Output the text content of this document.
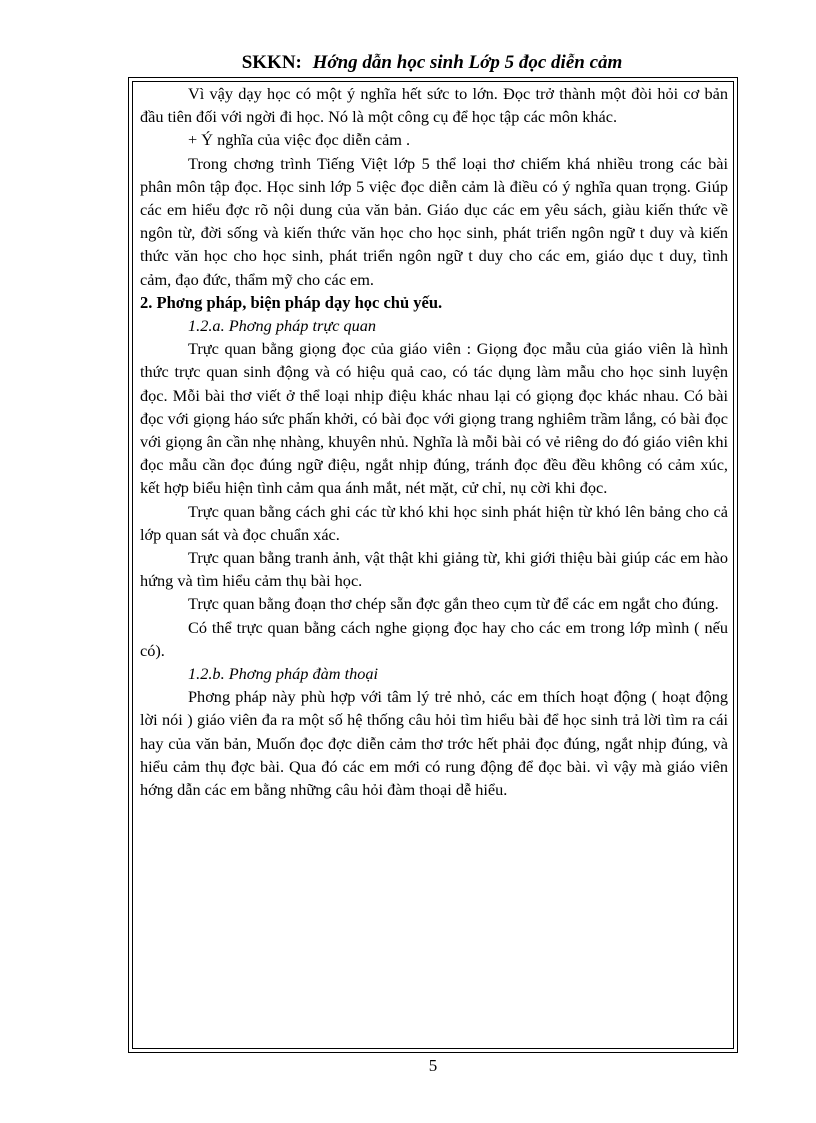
SKKN: Hớng dẫn học sinh Lớp 5 đọc diễn cảm

Vì vậy dạy học có một ý nghĩa hết sức to lớn. Đọc trở thành một đòi hỏi cơ bản đầu tiên đối với ngời đi học. Nó là một công cụ để học tập các môn khác.

+ Ý nghĩa của việc đọc diễn cảm .

Trong chơng trình Tiếng Việt lớp 5 thể loại thơ chiếm khá nhiều trong các bài phân môn tập đọc. Học sinh lớp 5 việc đọc diễn cảm là điều có ý nghĩa quan trọng. Giúp các em hiểu đợc rõ nội dung của văn bản. Giáo dục các em yêu sách, giàu kiến thức về ngôn từ, đời sống và kiến thức văn học cho học sinh, phát triển ngôn ngữ t duy và kiến thức văn học cho học sinh, phát triển ngôn ngữ t duy cho các em, giáo dục t duy, tình cảm, đạo đức, thẩm mỹ cho các em.

2. Phơng pháp, biện pháp dạy học chủ yếu.

1.2.a. Phơng pháp trực quan

Trực quan bằng giọng đọc của giáo viên : Giọng đọc mẫu của giáo viên là hình thức trực quan sinh động và có hiệu quả cao, có tác dụng làm mẫu cho học sinh luyện đọc. Mỗi bài thơ viết ở thể loại nhịp điệu khác nhau lại có giọng đọc khác nhau. Có bài đọc với giọng háo sức phấn khởi, có bài đọc với giọng trang nghiêm trầm lắng, có bài đọc với giọng ân cần nhẹ nhàng, khuyên nhủ. Nghĩa là mỗi bài có vẻ riêng do đó giáo viên khi đọc mẫu cần đọc đúng ngữ điệu, ngắt nhịp đúng, tránh đọc đều đều không có cảm xúc, kết hợp biểu hiện tình cảm qua ánh mắt, nét mặt, cử chỉ, nụ cời khi đọc.

Trực quan bằng cách ghi các từ khó khi học sinh phát hiện từ khó lên bảng cho cả lớp quan sát và đọc chuẩn xác.

Trực quan bằng tranh ảnh, vật thật khi giảng từ, khi giới thiệu bài giúp các em hào hứng và tìm hiểu cảm thụ bài học.

Trực quan bằng đoạn thơ chép sẵn đợc gắn theo cụm từ để các em ngắt cho đúng.

Có thể trực quan bằng cách nghe giọng đọc hay cho các em trong lớp mình ( nếu có).

1.2.b. Phơng pháp đàm thoại

Phơng pháp này phù hợp với tâm lý trẻ nhỏ, các em thích hoạt động ( hoạt động lời nói ) giáo viên đa ra một số hệ thống câu hỏi tìm hiểu bài để học sinh trả lời tìm ra cái hay của văn bản, Muốn đọc đợc diễn cảm thơ trớc hết phải đọc đúng, ngắt nhịp đúng, và hiểu cảm thụ đợc bài. Qua đó các em mới có rung động để đọc bài. vì vậy mà giáo viên hớng dẫn các em bằng những câu hỏi đàm thoại dễ hiểu.

5
